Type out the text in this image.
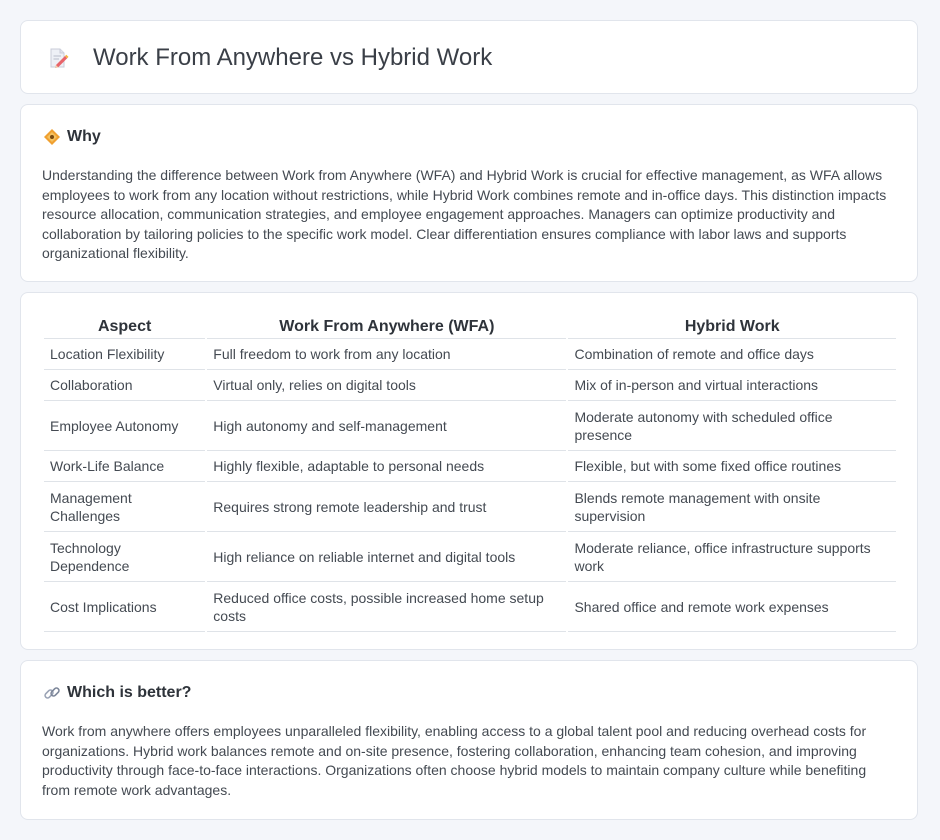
Work From Anywhere vs Hybrid Work
Why

Understanding the difference between Work from Anywhere (WFA) and Hybrid Work is crucial for effective management, as WFA allows employees to work from any location without restrictions, while Hybrid Work combines remote and in-office days. This distinction impacts resource allocation, communication strategies, and employee engagement approaches. Managers can optimize productivity and collaboration by tailoring policies to the specific work model. Clear differentiation ensures compliance with labor laws and supports organizational flexibility.

Aspect	Work From Anywhere (WFA)	Hybrid Work
Location Flexibility	Full freedom to work from any location	Combination of remote and office days
Collaboration	Virtual only, relies on digital tools	Mix of in-person and virtual interactions
Employee Autonomy	High autonomy and self-management	Moderate autonomy with scheduled office presence
Work-Life Balance	Highly flexible, adaptable to personal needs	Flexible, but with some fixed office routines
Management Challenges	Requires strong remote leadership and trust	Blends remote management with onsite supervision
Technology Dependence	High reliance on reliable internet and digital tools	Moderate reliance, office infrastructure supports work
Cost Implications	Reduced office costs, possible increased home setup costs	Shared office and remote work expenses
Which is better?

Work from anywhere offers employees unparalleled flexibility, enabling access to a global talent pool and reducing overhead costs for organizations. Hybrid work balances remote and on-site presence, fostering collaboration, enhancing team cohesion, and improving productivity through face-to-face interactions. Organizations often choose hybrid models to maintain company culture while benefiting from remote work advantages.
